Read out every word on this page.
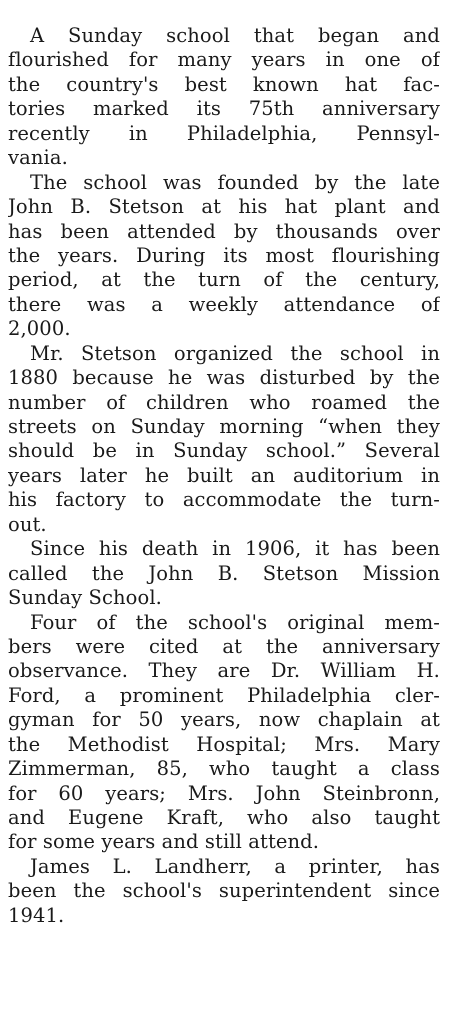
A Sunday school that began and
flourished for many years in one of
the country's best known hat fac-
tories marked its 75th anniversary
recently in Philadelphia, Pennsyl-
vania.

The school was founded by the late
John B. Stetson at his hat plant and
has been attended by thousands over
the years. During its most flourishing
period, at the turn of the century,
there was a weekly attendance of
2,000.

Mr. Stetson organized the school in
1880 because he was disturbed by the
number of children who roamed the
streets on Sunday morning “when they
should be in Sunday school.” Several
years later he built an auditorium in
his factory to accommodate the turn-
out.

Since his death in 1906, it has been
called the John B. Stetson Mission
Sunday School.

Four of the school's original mem-
bers were cited at the anniversary
observance. They are Dr. William H.
Ford, a prominent Philadelphia cler-
gyman for 50 years, now chaplain at
the Methodist Hospital; Mrs. Mary
Zimmerman, 85, who taught a class
for 60 years; Mrs. John Steinbronn,
and Eugene Kraft, who also taught
for some years and still attend.

James L. Landherr, a printer, has
been the school's superintendent since
1941.
